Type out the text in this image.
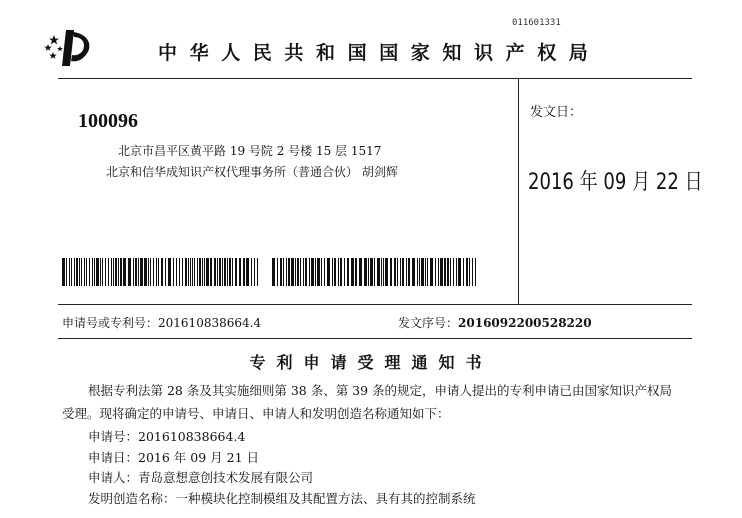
011601331
中华人民共和国国家知识产权局
100096
北京市昌平区黄平路 19 号院 2 号楼 15 层 1517
北京和信华成知识产权代理事务所（普通合伙） 胡剑辉
发文日：
2016 年 09 月 22 日
申请号或专利号：201610838664.4	发文序号：2016092200528220
专利申请受理通知书
根据专利法第 28 条及其实施细则第 38 条、第 39 条的规定，申请人提出的专利申请已由国家知识产权局
受理。现将确定的申请号、申请日、申请人和发明创造名称通知如下：
申请号：201610838664.4
申请日：2016 年 09 月 21 日
申请人：青岛意想意创技术发展有限公司
发明创造名称：一种模块化控制模组及其配置方法、具有其的控制系统
